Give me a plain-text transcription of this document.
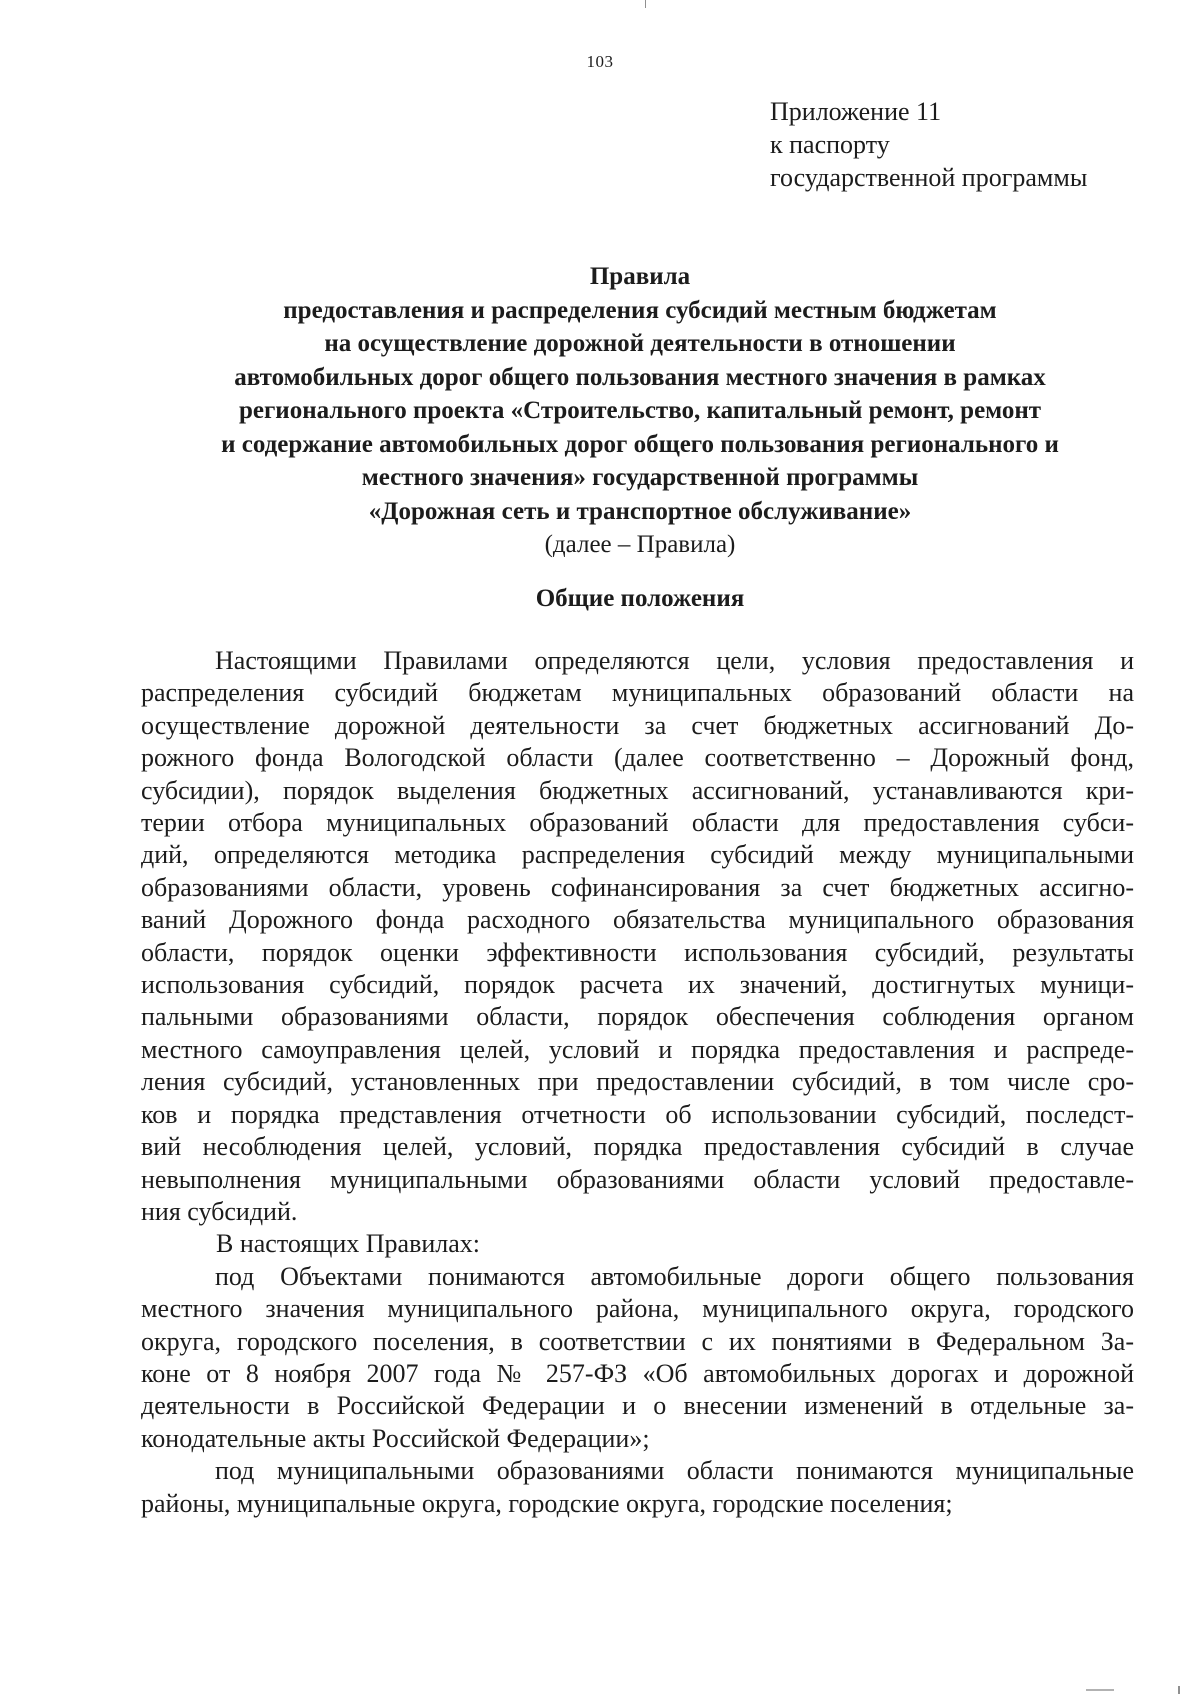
103
Приложение 11
к паспорту
государственной программы
Правила
предоставления и распределения субсидий местным бюджетам
на осуществление дорожной деятельности в отношении
автомобильных дорог общего пользования местного значения в рамках
регионального проекта «Строительство, капитальный ремонт, ремонт
и содержание автомобильных дорог общего пользования регионального и
местного значения» государственной программы
«Дорожная сеть и транспортное обслуживание»
(далее – Правила)
Общие положения
Настоящими Правилами определяются цели, условия предоставления и
распределения субсидий бюджетам муниципальных образований области на
осуществление дорожной деятельности за счет бюджетных ассигнований До-
рожного фонда Вологодской области (далее соответственно – Дорожный фонд,
субсидии), порядок выделения бюджетных ассигнований, устанавливаются кри-
терии отбора муниципальных образований области для предоставления субси-
дий, определяются методика распределения субсидий между муниципальными
образованиями области, уровень софинансирования за счет бюджетных ассигно-
ваний Дорожного фонда расходного обязательства муниципального образования
области, порядок оценки эффективности использования субсидий, результаты
использования субсидий, порядок расчета их значений, достигнутых муници-
пальными образованиями области, порядок обеспечения соблюдения органом
местного самоуправления целей, условий и порядка предоставления и распреде-
ления субсидий, установленных при предоставлении субсидий, в том числе сро-
ков и порядка представления отчетности об использовании субсидий, последст-
вий несоблюдения целей, условий, порядка предоставления субсидий в случае
невыполнения муниципальными образованиями области условий предоставле-
ния субсидий.
В настоящих Правилах:
под Объектами понимаются автомобильные дороги общего пользования
местного значения муниципального района, муниципального округа, городского
округа, городского поселения, в соответствии с их понятиями в Федеральном За-
коне от 8 ноября 2007 года № 257-ФЗ «Об автомобильных дорогах и дорожной
деятельности в Российской Федерации и о внесении изменений в отдельные за-
конодательные акты Российской Федерации»;
под муниципальными образованиями области понимаются муниципальные
районы, муниципальные округа, городские округа, городские поселения;
